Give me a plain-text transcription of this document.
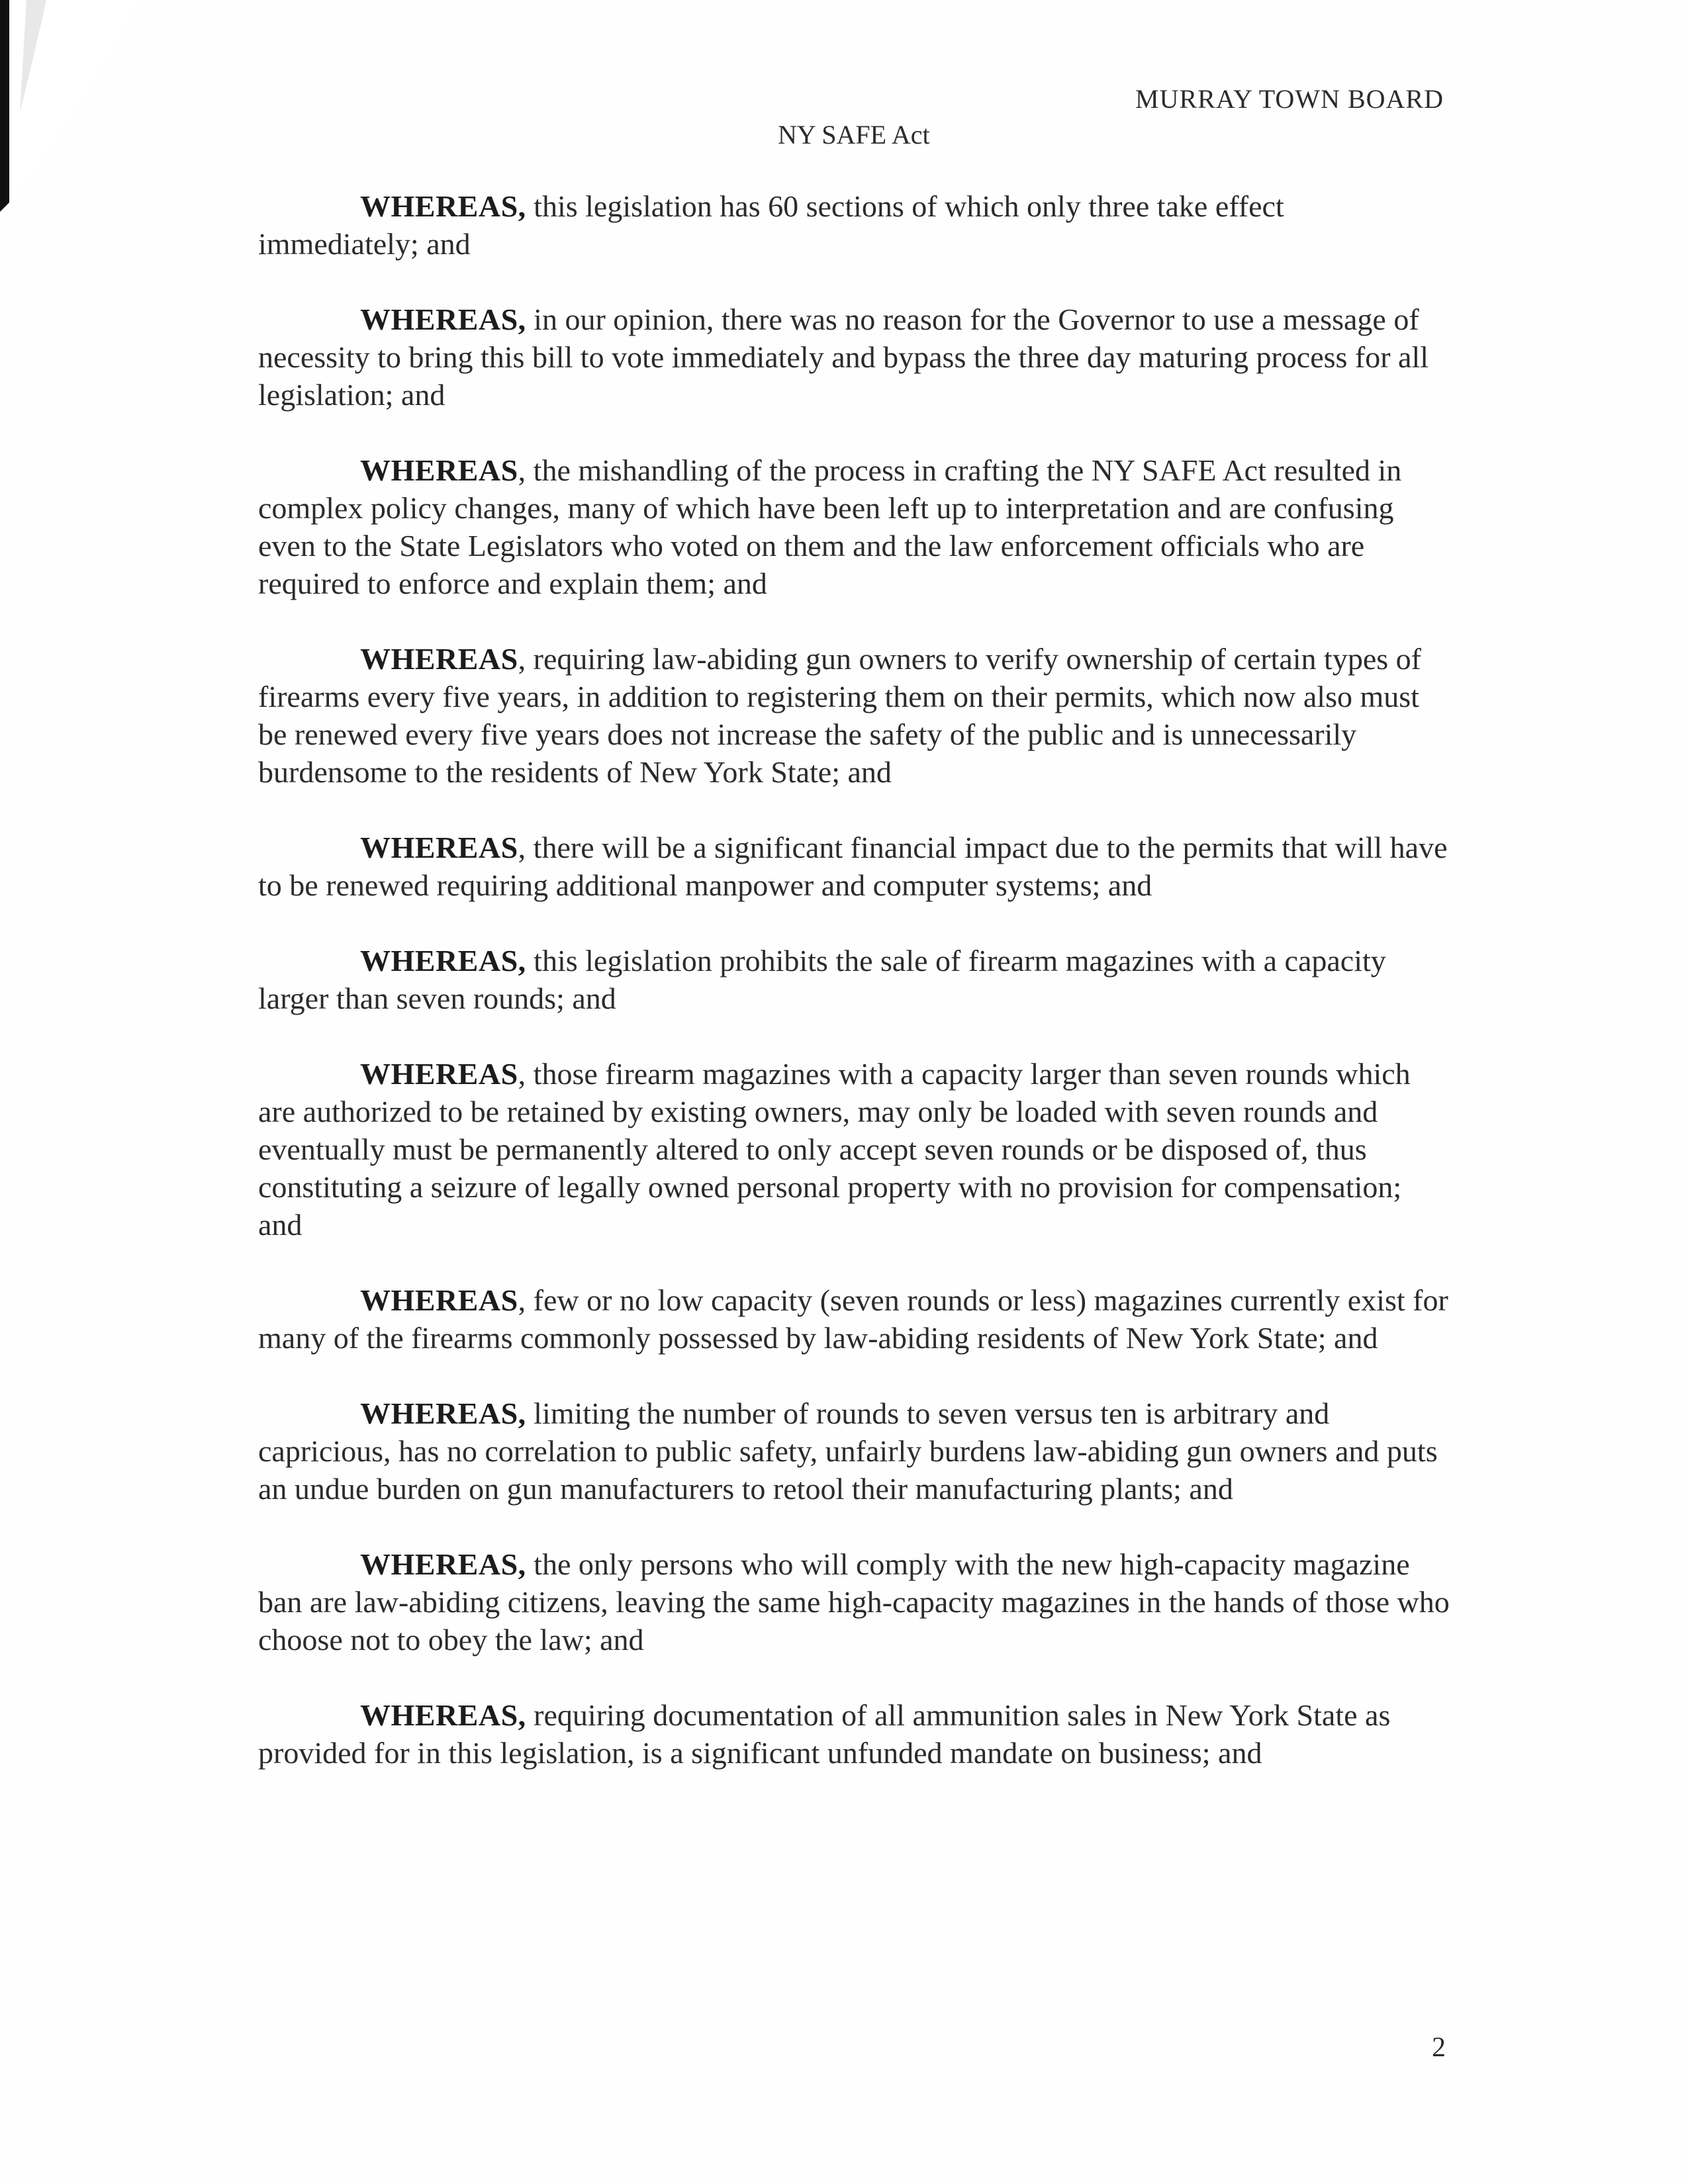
MURRAY TOWN BOARD
NY SAFE Act

WHEREAS, this legislation has 60 sections of which only three take effect immediately; and

WHEREAS, in our opinion, there was no reason for the Governor to use a message of necessity to bring this bill to vote immediately and bypass the three day maturing process for all legislation; and

WHEREAS, the mishandling of the process in crafting the NY SAFE Act resulted in complex policy changes, many of which have been left up to interpretation and are confusing even to the State Legislators who voted on them and the law enforcement officials who are required to enforce and explain them; and

WHEREAS, requiring law-abiding gun owners to verify ownership of certain types of firearms every five years, in addition to registering them on their permits, which now also must be renewed every five years does not increase the safety of the public and is unnecessarily burdensome to the residents of New York State; and

WHEREAS, there will be a significant financial impact due to the permits that will have to be renewed requiring additional manpower and computer systems; and

WHEREAS, this legislation prohibits the sale of firearm magazines with a capacity larger than seven rounds; and

WHEREAS, those firearm magazines with a capacity larger than seven rounds which are authorized to be retained by existing owners, may only be loaded with seven rounds and eventually must be permanently altered to only accept seven rounds or be disposed of, thus constituting a seizure of legally owned personal property with no provision for compensation; and

WHEREAS, few or no low capacity (seven rounds or less) magazines currently exist for many of the firearms commonly possessed by law-abiding residents of New York State; and

WHEREAS, limiting the number of rounds to seven versus ten is arbitrary and capricious, has no correlation to public safety, unfairly burdens law-abiding gun owners and puts an undue burden on gun manufacturers to retool their manufacturing plants; and

WHEREAS, the only persons who will comply with the new high-capacity magazine ban are law-abiding citizens, leaving the same high-capacity magazines in the hands of those who choose not to obey the law; and

WHEREAS, requiring documentation of all ammunition sales in New York State as provided for in this legislation, is a significant unfunded mandate on business; and

2
